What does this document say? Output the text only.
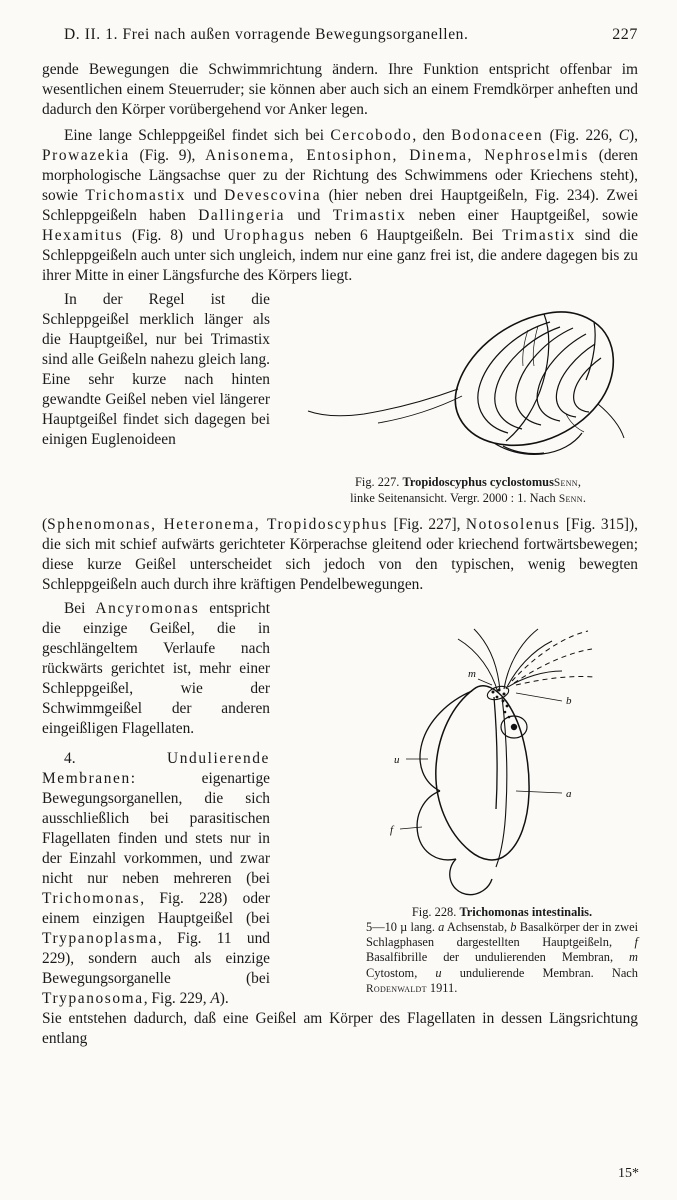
D. II. 1. Frei nach außen vorragende Bewegungsorganellen.	227

gende Bewegungen die Schwimmrichtung ändern. Ihre Funktion entspricht offenbar im wesentlichen einem Steuerruder; sie können aber auch sich an einem Fremdkörper anheften und dadurch den Körper vorübergehend vor Anker legen.

Eine lange Schleppgeißel findet sich bei Cercobodo, den Bodonaceen (Fig. 226, C), Prowazekia (Fig. 9), Anisonema, Entosiphon, Dinema, Nephroselmis (deren morphologische Längsachse quer zu der Richtung des Schwimmens oder Kriechens steht), sowie Trichomastix und Devescovina (hier neben drei Hauptgeißeln, Fig. 234). Zwei Schleppgeißeln haben Dallingeria und Trimastix neben einer Hauptgeißel, sowie Hexamitus (Fig. 8) und Urophagus neben 6 Hauptgeißeln. Bei Trimastix sind die Schleppgeißeln auch unter sich ungleich, indem nur eine ganz frei ist, die andere dagegen bis zu ihrer Mitte in einer Längsfurche des Körpers liegt.

Fig. 227. Tropidoscyphus cyclostomusSenn,
linke Seitenansicht. Vergr. 2000 : 1. Nach Senn.

In der Regel ist die Schleppgeißel merklich länger als die Hauptgeißel, nur bei Trimastix sind alle Geißeln nahezu gleich lang. Eine sehr kurze nach hinten gewandte Geißel neben viel längerer Hauptgeißel findet sich dagegen bei einigen Euglenoideen

(Sphenomonas, Heteronema, Tropidoscyphus [Fig. 227], Notosolenus [Fig. 315]), die sich mit schief aufwärts gerichteter Körperachse gleitend oder kriechend fortwärtsbewegen; diese kurze Geißel unterscheidet sich jedoch von den typischen, wenig bewegten Schleppgeißeln auch durch ihre kräftigen Pendelbewegungen.

m
b
u
a
f
Fig. 228. Trichomonas intestinalis.
5—10 µ lang. a Achsenstab, b Basalkörper der in zwei Schlagphasen dargestellten Hauptgeißeln, f Basalfibrille der undulierenden Membran, m Cytostom, u undulierende Membran. Nach Rodenwaldt 1911.

Bei Ancyromonas entspricht die einzige Geißel, die in geschlängeltem Verlaufe nach rückwärts gerichtet ist, mehr einer Schleppgeißel, wie der Schwimmgeißel der anderen eingeißligen Flagellaten.

4. Undulierende Membranen: eigenartige Bewegungsorganellen, die sich ausschließlich bei parasitischen Flagellaten finden und stets nur in der Einzahl vorkommen, und zwar nicht nur neben mehreren (bei Trichomonas, Fig. 228) oder einem einzigen Hauptgeißel (bei Trypanoplasma, Fig. 11 und 229), sondern auch als einzige Bewegungsorganelle (bei Trypanosoma, Fig. 229, A).

Sie entstehen dadurch, daß eine Geißel am Körper des Flagellaten in dessen Längsrichtung entlang

15*
